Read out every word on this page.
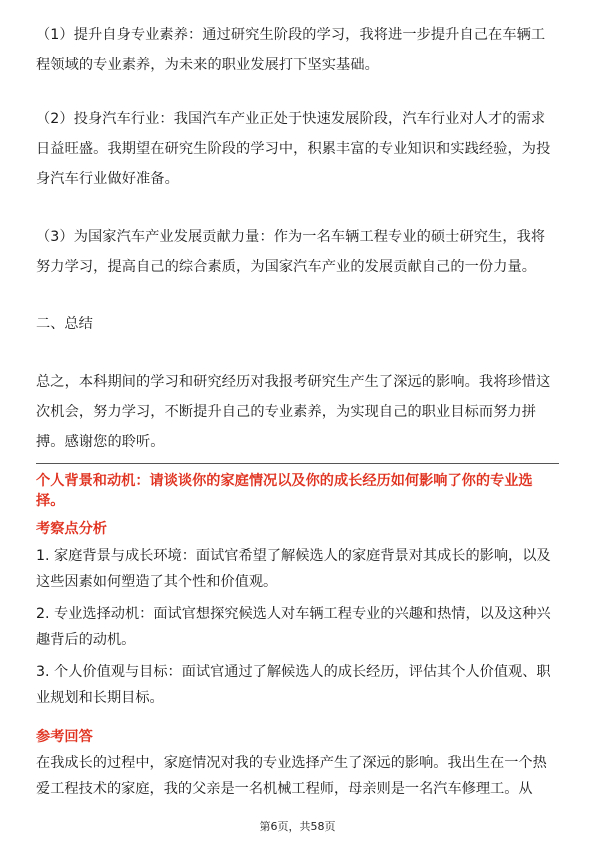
（1）提升自身专业素养：通过研究生阶段的学习，我将进一步提升自己在车辆工程领域的专业素养，为未来的职业发展打下坚实基础。

（2）投身汽车行业：我国汽车产业正处于快速发展阶段，汽车行业对人才的需求日益旺盛。我期望在研究生阶段的学习中，积累丰富的专业知识和实践经验，为投身汽车行业做好准备。

（3）为国家汽车产业发展贡献力量：作为一名车辆工程专业的硕士研究生，我将努力学习，提高自己的综合素质，为国家汽车产业的发展贡献自己的一份力量。

二、总结

总之，本科期间的学习和研究经历对我报考研究生产生了深远的影响。我将珍惜这次机会，努力学习，不断提升自己的专业素养，为实现自己的职业目标而努力拼搏。感谢您的聆听。

个人背景和动机：请谈谈你的家庭情况以及你的成长经历如何影响了你的专业选择。

考察点分析

1. 家庭背景与成长环境：面试官希望了解候选人的家庭背景对其成长的影响，以及这些因素如何塑造了其个性和价值观。

2. 专业选择动机：面试官想探究候选人对车辆工程专业的兴趣和热情，以及这种兴趣背后的动机。

3. 个人价值观与目标：面试官通过了解候选人的成长经历，评估其个人价值观、职业规划和长期目标。

参考回答

在我成长的过程中，家庭情况对我的专业选择产生了深远的影响。我出生在一个热爱工程技术的家庭，我的父亲是一名机械工程师，母亲则是一名汽车修理工。从

第6页，共58页
